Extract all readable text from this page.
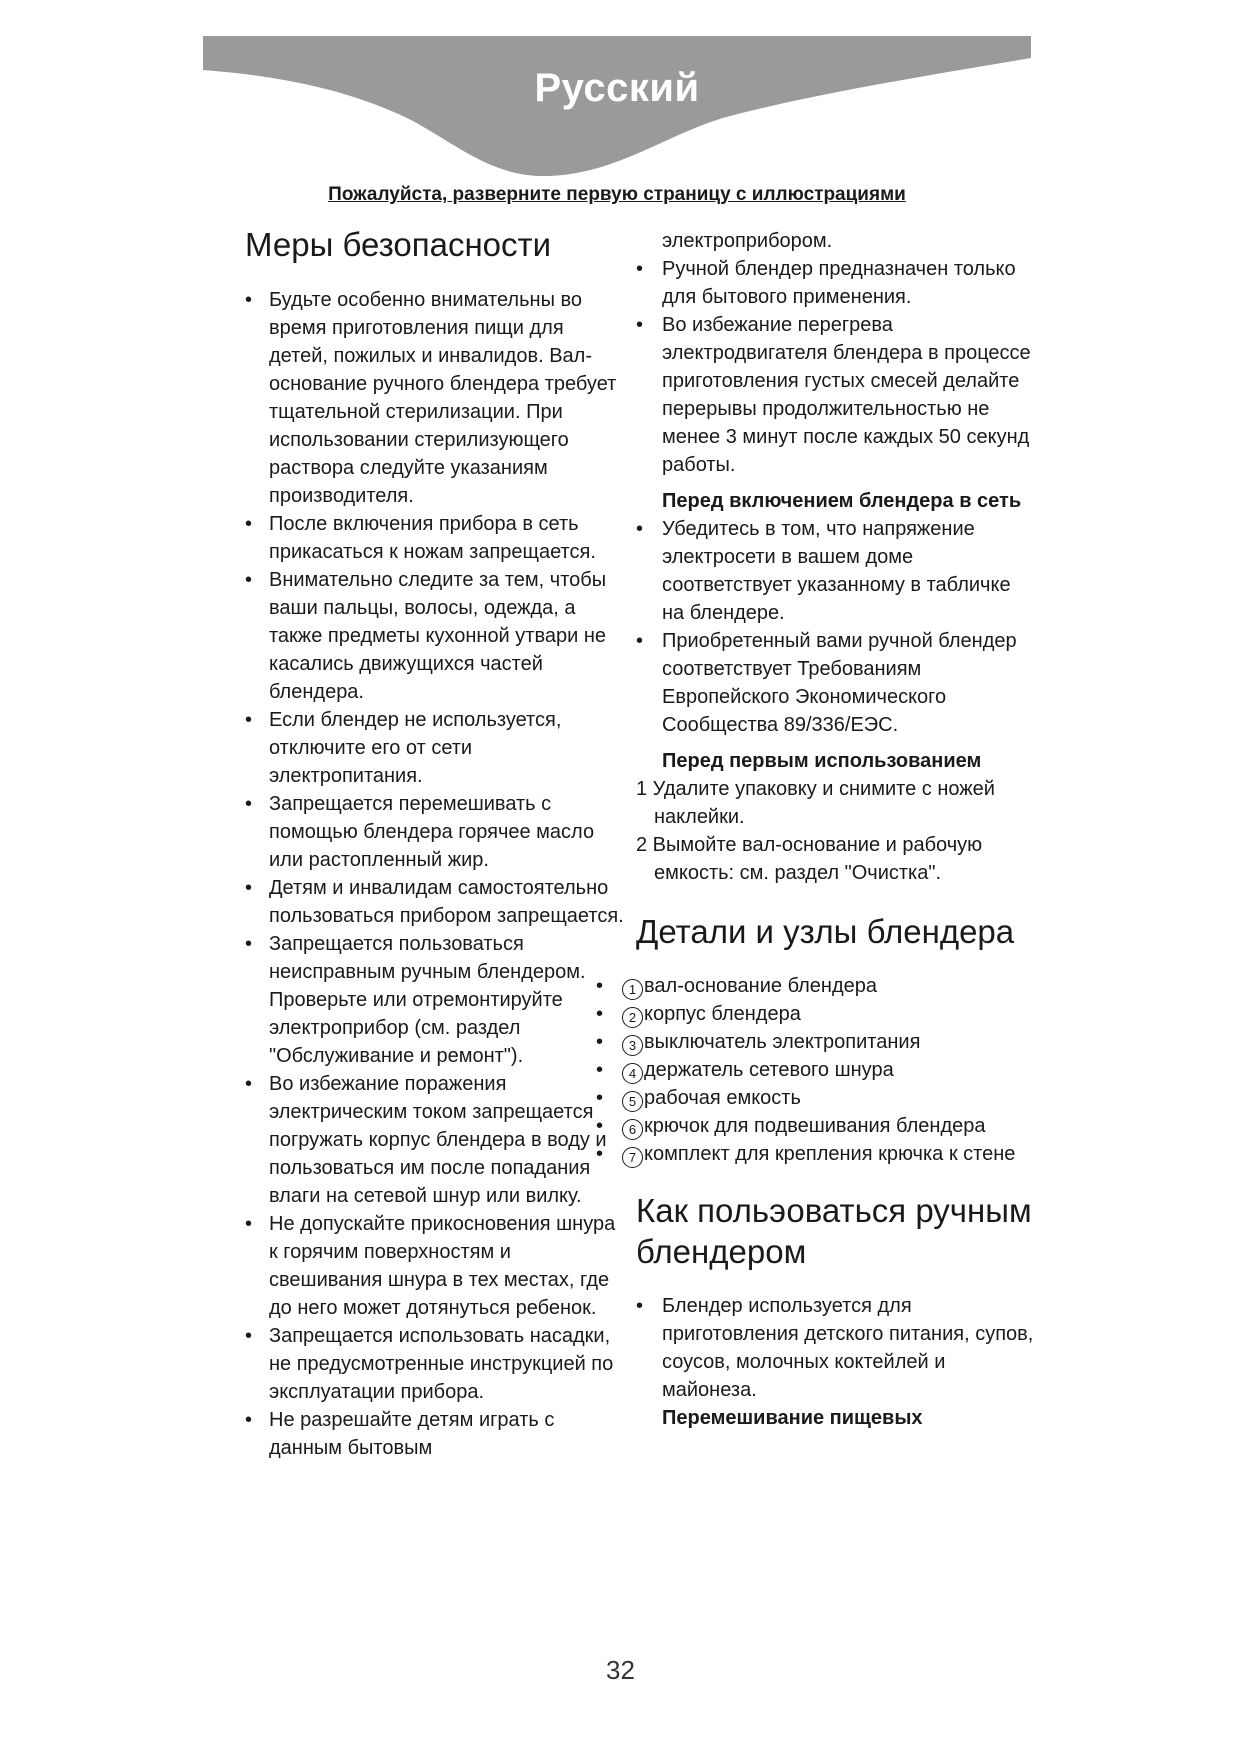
Русский
Пожалуйста, разверните первую страницу с иллюстрациями
Меры безопасности
• Будьте особенно внимательны во время приготовления пищи для детей, пожилых и инвалидов. Вал-основание ручного блендера требует тщательной стерилизации. При использовании стерилизующего раствора следуйте указаниям производителя.
• После включения прибора в сеть прикасаться к ножам запрещается.
• Внимательно следите за тем, чтобы ваши пальцы, волосы, одежда, а также предметы кухонной утвари не касались движущихся частей блендера.
• Если блендер не используется, отключите его от сети электропитания.
• Запрещается перемешивать с помощью блендера горячее масло или растопленный жир.
• Детям и инвалидам самостоятельно пользоваться прибором запрещается.
• Запрещается пользоваться неисправным ручным блендером. Проверьте или отремонтируйте электроприбор (см. раздел "Обслуживание и ремонт").
• Во избежание поражения электрическим током запрещается погружать корпус блендера в воду и пользоваться им после попадания влаги на сетевой шнур или вилку.
• Не допускайте прикосновения шнура к горячим поверхностям и свешивания шнура в тех местах, где до него может дотянуться ребенок.
• Запрещается использовать насадки, не предусмотренные инструкцией по эксплуатации прибора.
• Не разрешайте детям играть с данным бытовым
электроприбором.
• Ручной блендер предназначен только для бытового применения.
• Во избежание перегрева электродвигателя блендера в процессе приготовления густых смесей делайте перерывы продолжительностью не менее 3 минут после каждых 50 секунд работы.
Перед включением блендера в сеть
• Убедитесь в том, что напряжение электросети в вашем доме соответствует указанному в табличке на блендере.
• Приобретенный вами ручной блендер соответствует Требованиям Европейского Экономического Сообщества 89/336/ЕЭС.
Перед первым использованием
1 Удалите упаковку и снимите с ножей наклейки.
2 Вымойте вал-основание и рабочую емкость: см. раздел "Очистка".
Детали и узлы блендера
• 1 вал-основание блендера
• 2 корпус блендера
• 3 выключатель электропитания
• 4 держатель сетевого шнура
• 5 рабочая емкость
• 6 крючок для подвешивания блендера
• 7 комплект для крепления крючка к стене
Как польэоваться ручным блендером
• Блендер используется для приготовления детского питания, супов, соусов, молочных коктейлей и майонеза.
Перемешивание пищевых
32
